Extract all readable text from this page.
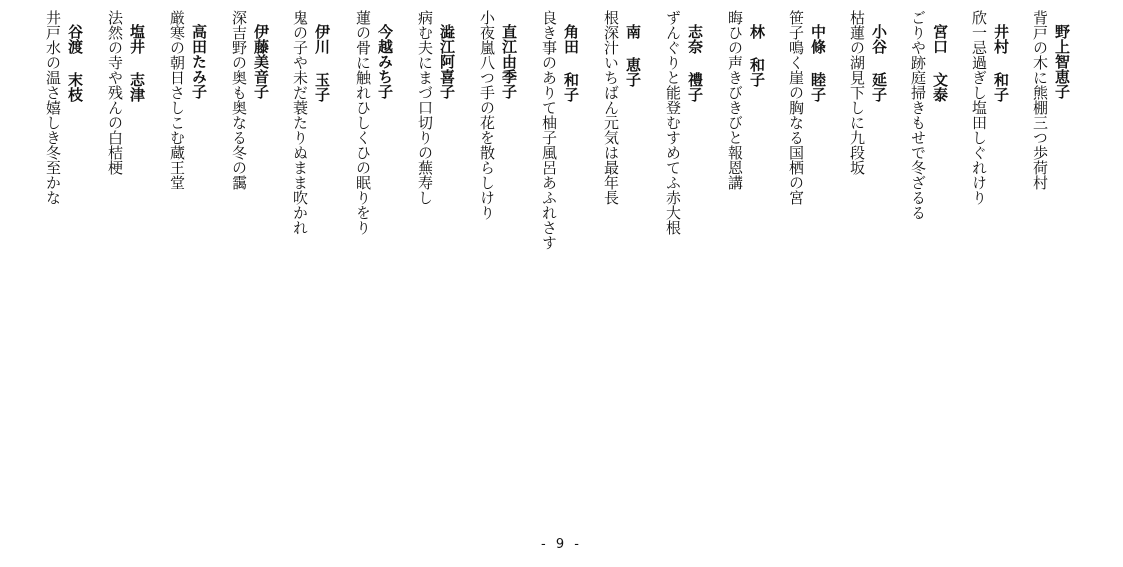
野上智恵子
背戸の木に熊棚三つ歩荷村
井村 和子
欣一忌過ぎし塩田しぐれけり
宮口 文泰
ごりや跡庭掃きもせで冬ざるる
小谷 延子
枯蓮の湖見下しに九段坂
中條 睦子
笹子鳴く崖の胸なる国栖の宮
林 和子
晦ひの声きびきびと報恩講
志奈 禮子
ずんぐりと能登むすめてふ赤大根
南 恵子
根深汁いちばん元気は最年長
角田 和子
良き事のありて柚子風呂あふれさす
直江由季子
小夜嵐八つ手の花を散らしけり
澁江阿喜子
病む夫にまづ口切りの蕪寿し
今越みち子
蓮の骨に触れひしくひの眠りをり
伊川 玉子
鬼の子や未だ蓑たりぬまま吹かれ
伊藤美音子
深吉野の奥も奥なる冬の靄
高田たみ子
厳寒の朝日さしこむ蔵王堂
塩井 志津
法然の寺や残んの白桔梗
谷渡 末枝
井戸水の温さ嬉しき冬至かな
- 9 -
